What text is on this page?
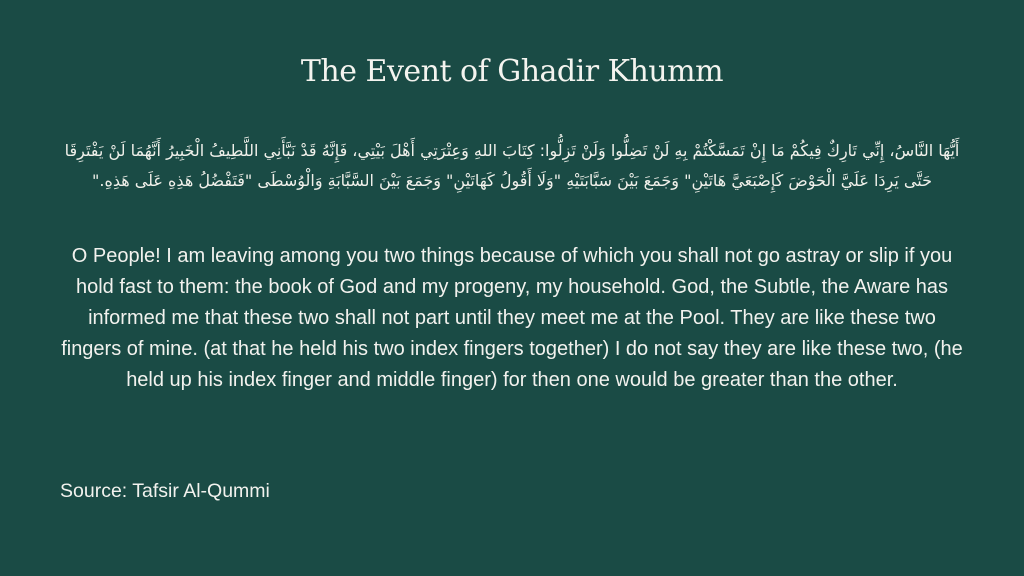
The Event of Ghadir Khumm
أَيُّهَا النَّاسُ، إِنِّي تَارِكٌ فِيكُمْ مَا إِنْ تَمَسَّكْتُمْ بِهِ لَنْ تَضِلُّوا وَلَنْ تَزِلُّوا: كِتَابَ اللهِ وَعِتْرَتِي أَهْلَ بَيْتِي، فَإِنَّهُ قَدْ نَبَّأَنِي اللَّطِيفُ الْخَبِيرُ أَنَّهُمَا لَنْ يَفْتَرِقَا حَتَّى يَرِدَا عَلَيَّ الْحَوْضَ كَإِصْبَعَيَّ هَاتَيْنِ" وَجَمَعَ بَيْنَ سَبَّابَتَيْهِ "وَلَا أَقُولُ كَهَاتَيْنِ" وَجَمَعَ بَيْنَ السَّبَّابَةِ وَالْوُسْطَى "فَتَفْضُلُ هَذِهِ عَلَى هَذِهِ."
O People! I am leaving among you two things because of which you shall not go astray or slip if you hold fast to them: the book of God and my progeny, my household. God, the Subtle, the Aware has informed me that these two shall not part until they meet me at the Pool. They are like these two fingers of mine. (at that he held his two index fingers together) I do not say they are like these two, (he held up his index finger and middle finger) for then one would be greater than the other.
Source: Tafsir Al-Qummi
